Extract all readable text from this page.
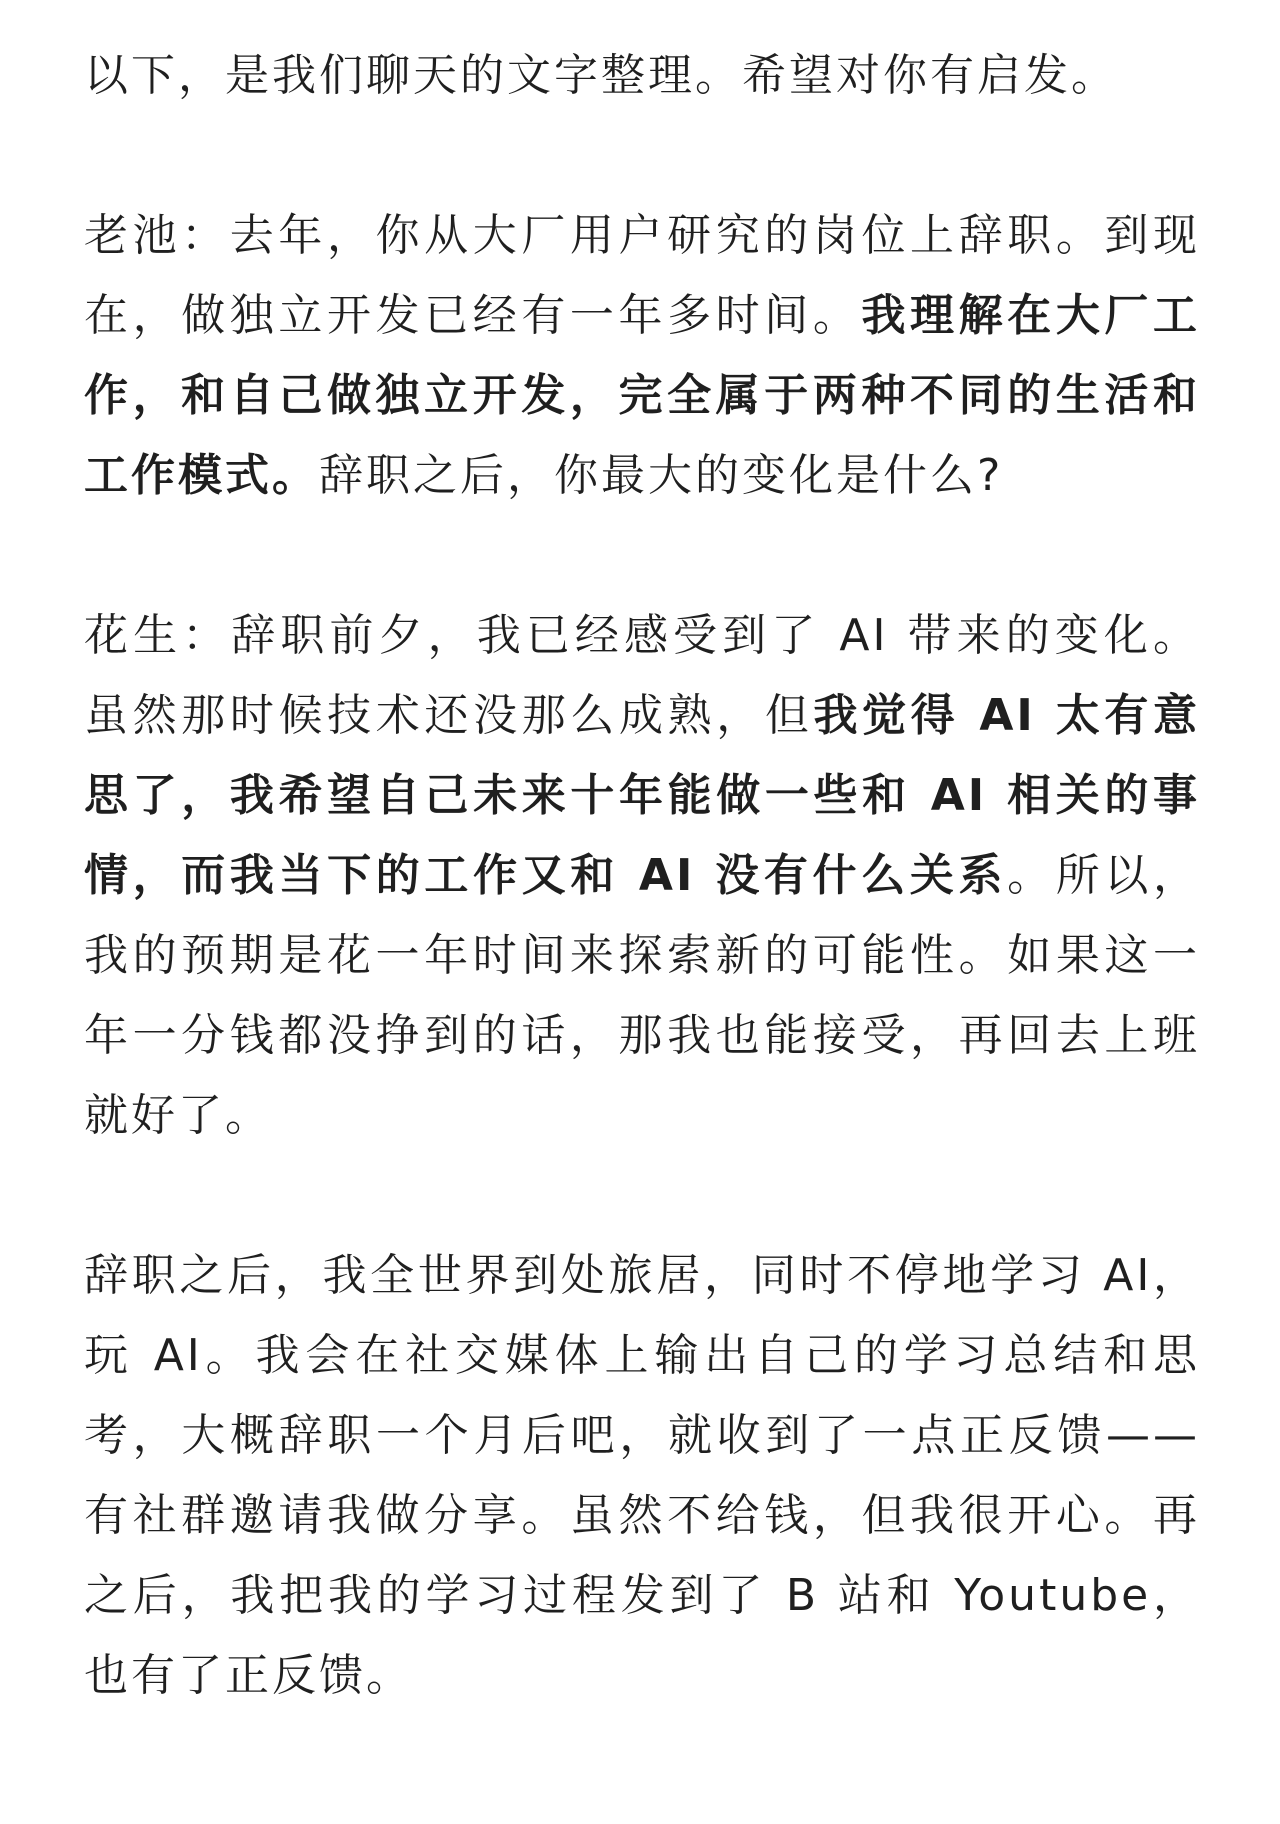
以下，是我们聊天的文字整理。希望对你有启发。

老池：去年，你从大厂用户研究的岗位上辞职。到现在，做独立开发已经有一年多时间。我理解在大厂工作，和自己做独立开发，完全属于两种不同的生活和工作模式。辞职之后，你最大的变化是什么?

花生：辞职前夕，我已经感受到了 AI 带来的变化。虽然那时候技术还没那么成熟，但我觉得 AI 太有意思了，我希望自己未来十年能做一些和 AI 相关的事情，而我当下的工作又和 AI 没有什么关系。所以，我的预期是花一年时间来探索新的可能性。如果这一年一分钱都没挣到的话，那我也能接受，再回去上班就好了。

辞职之后，我全世界到处旅居，同时不停地学习 AI，玩 AI。我会在社交媒体上输出自己的学习总结和思考，大概辞职一个月后吧，就收到了一点正反馈——有社群邀请我做分享。虽然不给钱，但我很开心。再之后，我把我的学习过程发到了 B 站和 Youtube，也有了正反馈。
